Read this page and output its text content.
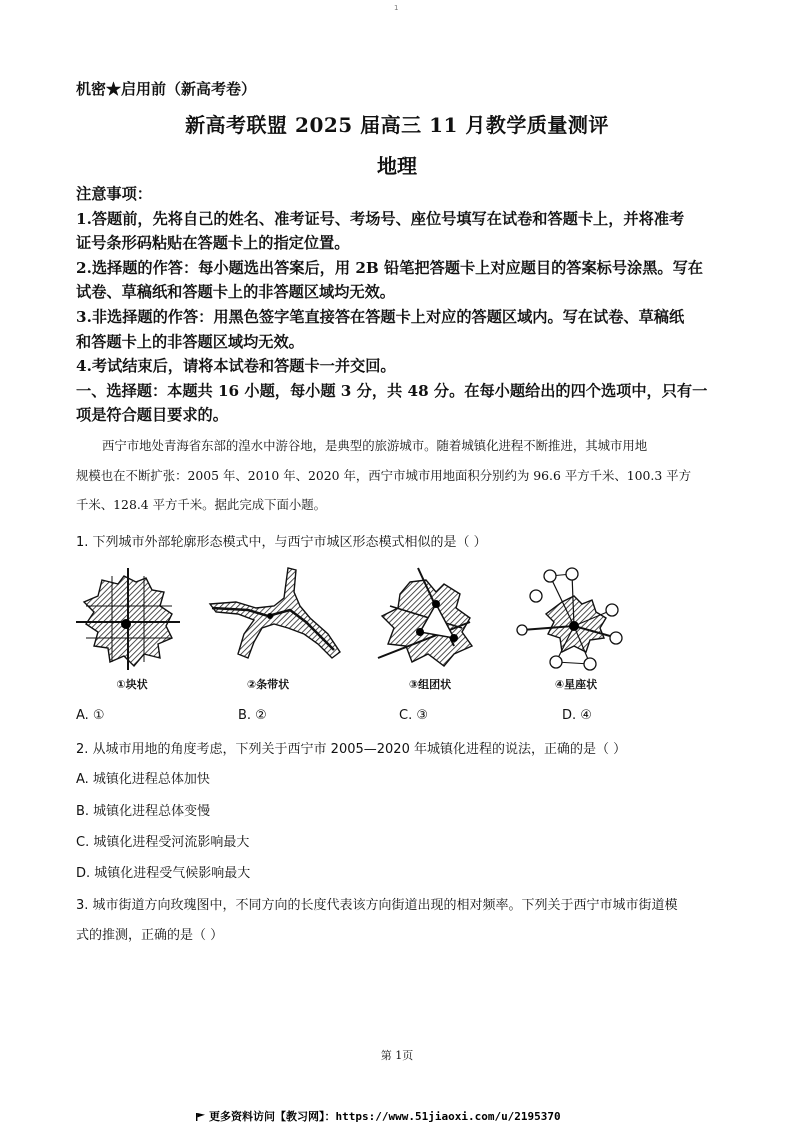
1
机密★启用前（新高考卷）
新高考联盟 2025 届高三 11 月教学质量测评
地理
注意事项：
1.答题前，先将自己的姓名、准考证号、考场号、座位号填写在试卷和答题卡上，并将准考
证号条形码粘贴在答题卡上的指定位置。
2.选择题的作答：每小题选出答案后，用 2B 铅笔把答题卡上对应题目的答案标号涂黑。写在
试卷、草稿纸和答题卡上的非答题区域均无效。
3.非选择题的作答：用黑色签字笔直接答在答题卡上对应的答题区域内。写在试卷、草稿纸
和答题卡上的非答题区域均无效。
4.考试结束后，请将本试卷和答题卡一并交回。
一、选择题：本题共 16 小题，每小题 3 分，共 48 分。在每小题给出的四个选项中，只有一
项是符合题目要求的。
西宁市地处青海省东部的湟水中游谷地，是典型的旅游城市。随着城镇化进程不断推进，其城市用地
规模也在不断扩张：2005 年、2010 年、2020 年，西宁市城市用地面积分别约为 96.6 平方千米、100.3 平方
千米、128.4 平方千米。据此完成下面小题。
1. 下列城市外部轮廓形态模式中，与西宁市城区形态模式相似的是（ ）
①块状	②条带状	③组团状	④星座状
A. ①	B. ②	C. ③	D. ④
2. 从城市用地的角度考虑，下列关于西宁市 2005—2020 年城镇化进程的说法，正确的是（ ）
A. 城镇化进程总体加快
B. 城镇化进程总体变慢
C. 城镇化进程受河流影响最大
D. 城镇化进程受气候影响最大
3. 城市街道方向玫瑰图中，不同方向的长度代表该方向街道出现的相对频率。下列关于西宁市城市街道模
式的推测，正确的是（ ）
第 1页
更多资料访问【教习网】：https://www.51jiaoxi.com/u/2195370
